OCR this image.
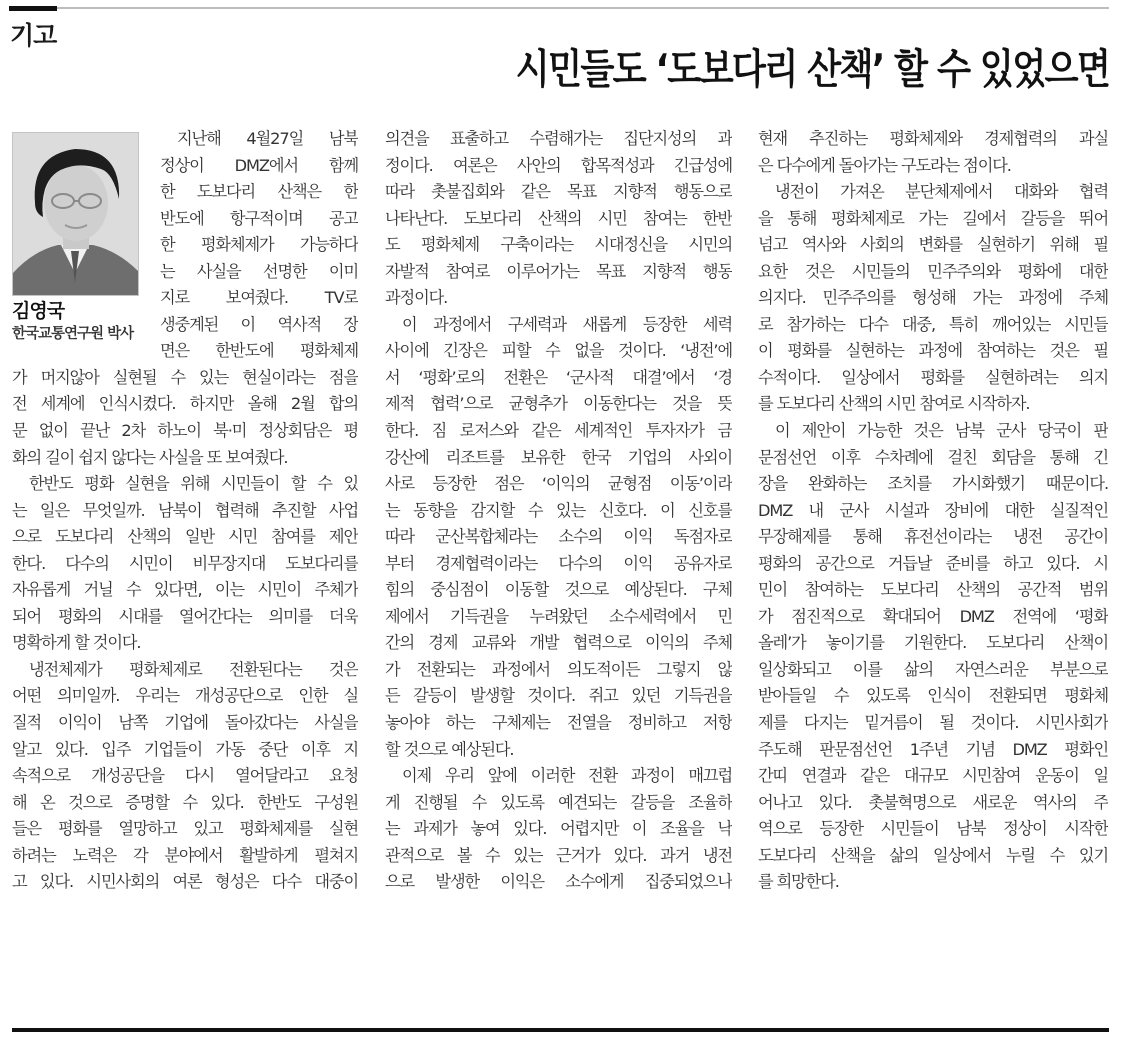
기고
시민들도 ‘도보다리 산책’ 할 수 있었으면
김영국
한국교통연구원 박사
지난해 4월27일 남북
정상이 DMZ에서 함께
한 도보다리 산책은 한
반도에 항구적이며 공고
한 평화체제가 가능하다
는 사실을 선명한 이미
지로 보여줬다. TV로
생중계된 이 역사적 장
면은 한반도에 평화체제
가 머지않아 실현될 수 있는 현실이라는 점을
전 세계에 인식시켰다. 하지만 올해 2월 합의
문 없이 끝난 2차 하노이 북·미 정상회담은 평
화의 길이 쉽지 않다는 사실을 또 보여줬다.
한반도 평화 실현을 위해 시민들이 할 수 있
는 일은 무엇일까. 남북이 협력해 추진할 사업
으로 도보다리 산책의 일반 시민 참여를 제안
한다. 다수의 시민이 비무장지대 도보다리를
자유롭게 거닐 수 있다면, 이는 시민이 주체가
되어 평화의 시대를 열어간다는 의미를 더욱
명확하게 할 것이다.
냉전체제가 평화체제로 전환된다는 것은
어떤 의미일까. 우리는 개성공단으로 인한 실
질적 이익이 남쪽 기업에 돌아갔다는 사실을
알고 있다. 입주 기업들이 가동 중단 이후 지
속적으로 개성공단을 다시 열어달라고 요청
해 온 것으로 증명할 수 있다. 한반도 구성원
들은 평화를 열망하고 있고 평화체제를 실현
하려는 노력은 각 분야에서 활발하게 펼쳐지
고 있다. 시민사회의 여론 형성은 다수 대중이
의견을 표출하고 수렴해가는 집단지성의 과
정이다. 여론은 사안의 합목적성과 긴급성에
따라 촛불집회와 같은 목표 지향적 행동으로
나타난다. 도보다리 산책의 시민 참여는 한반
도 평화체제 구축이라는 시대정신을 시민의
자발적 참여로 이루어가는 목표 지향적 행동
과정이다.
이 과정에서 구세력과 새롭게 등장한 세력
사이에 긴장은 피할 수 없을 것이다. ‘냉전’에
서 ‘평화’로의 전환은 ‘군사적 대결’에서 ‘경
제적 협력’으로 균형추가 이동한다는 것을 뜻
한다. 짐 로저스와 같은 세계적인 투자자가 금
강산에 리조트를 보유한 한국 기업의 사외이
사로 등장한 점은 ‘이익의 균형점 이동’이라
는 동향을 감지할 수 있는 신호다. 이 신호를
따라 군산복합체라는 소수의 이익 독점자로
부터 경제협력이라는 다수의 이익 공유자로
힘의 중심점이 이동할 것으로 예상된다. 구체
제에서 기득권을 누려왔던 소수세력에서 민
간의 경제 교류와 개발 협력으로 이익의 주체
가 전환되는 과정에서 의도적이든 그렇지 않
든 갈등이 발생할 것이다. 쥐고 있던 기득권을
놓아야 하는 구체제는 전열을 정비하고 저항
할 것으로 예상된다.
이제 우리 앞에 이러한 전환 과정이 매끄럽
게 진행될 수 있도록 예견되는 갈등을 조율하
는 과제가 놓여 있다. 어렵지만 이 조율을 낙
관적으로 볼 수 있는 근거가 있다. 과거 냉전
으로 발생한 이익은 소수에게 집중되었으나
현재 추진하는 평화체제와 경제협력의 과실
은 다수에게 돌아가는 구도라는 점이다.
냉전이 가져온 분단체제에서 대화와 협력
을 통해 평화체제로 가는 길에서 갈등을 뛰어
넘고 역사와 사회의 변화를 실현하기 위해 필
요한 것은 시민들의 민주주의와 평화에 대한
의지다. 민주주의를 형성해 가는 과정에 주체
로 참가하는 다수 대중, 특히 깨어있는 시민들
이 평화를 실현하는 과정에 참여하는 것은 필
수적이다. 일상에서 평화를 실현하려는 의지
를 도보다리 산책의 시민 참여로 시작하자.
이 제안이 가능한 것은 남북 군사 당국이 판
문점선언 이후 수차례에 걸친 회담을 통해 긴
장을 완화하는 조치를 가시화했기 때문이다.
DMZ 내 군사 시설과 장비에 대한 실질적인
무장해제를 통해 휴전선이라는 냉전 공간이
평화의 공간으로 거듭날 준비를 하고 있다. 시
민이 참여하는 도보다리 산책의 공간적 범위
가 점진적으로 확대되어 DMZ 전역에 ‘평화
올레’가 놓이기를 기원한다. 도보다리 산책이
일상화되고 이를 삶의 자연스러운 부분으로
받아들일 수 있도록 인식이 전환되면 평화체
제를 다지는 밑거름이 될 것이다. 시민사회가
주도해 판문점선언 1주년 기념 DMZ 평화인
간띠 연결과 같은 대규모 시민참여 운동이 일
어나고 있다. 촛불혁명으로 새로운 역사의 주
역으로 등장한 시민들이 남북 정상이 시작한
도보다리 산책을 삶의 일상에서 누릴 수 있기
를 희망한다.
